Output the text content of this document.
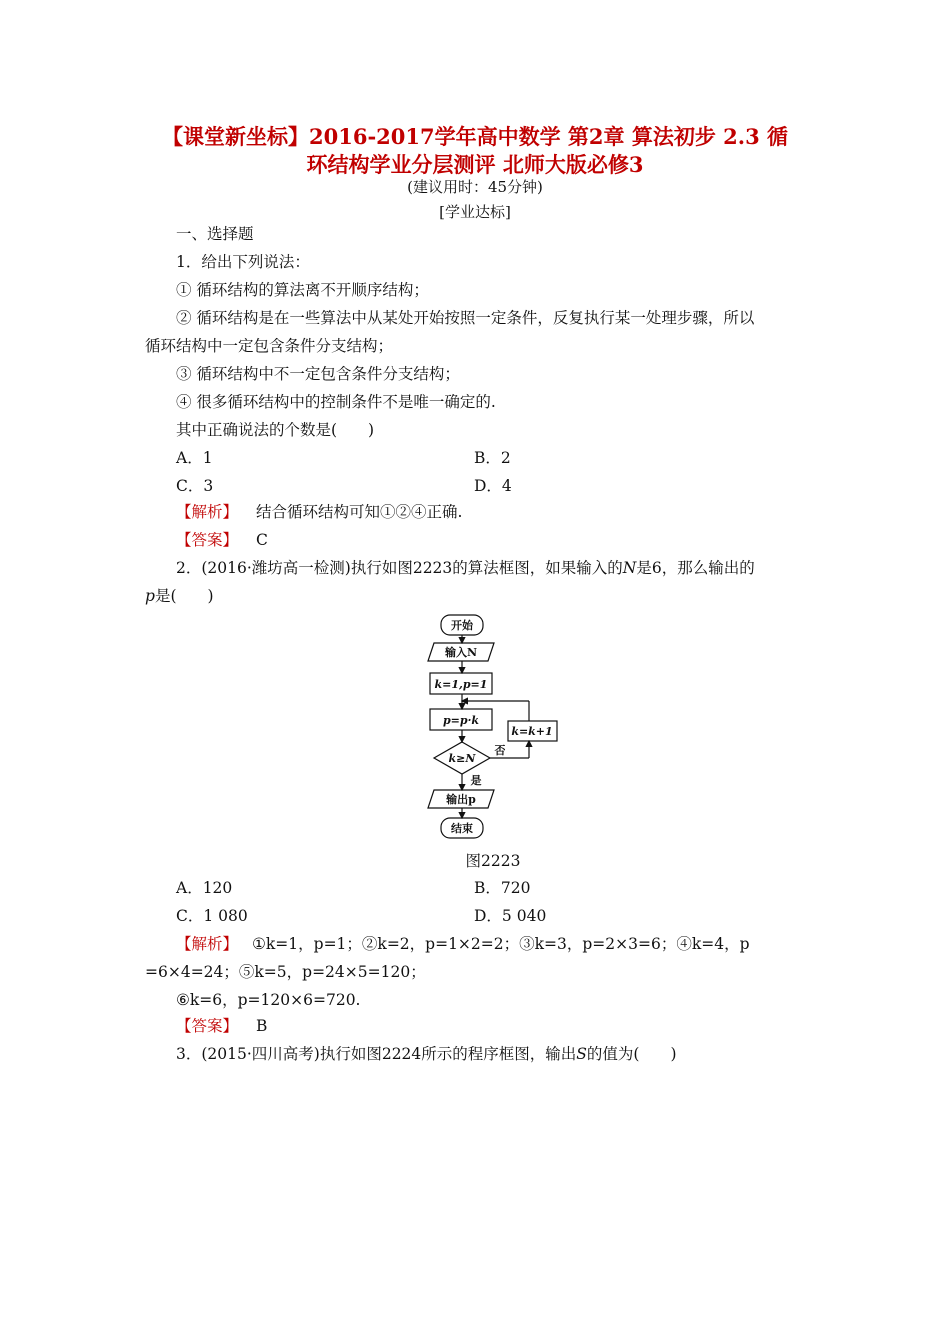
【课堂新坐标】2016-2017学年高中数学 第2章 算法初步 2.3 循
环结构学业分层测评 北师大版必修3
(建议用时：45分钟)
[学业达标]
一、选择题
1．给出下列说法：
① 循环结构的算法离不开顺序结构；
② 循环结构是在一些算法中从某处开始按照一定条件，反复执行某一处理步骤，所以
循环结构中一定包含条件分支结构；
③ 循环结构中不一定包含条件分支结构；
④ 很多循环结构中的控制条件不是唯一确定的.
其中正确说法的个数是(　　)
A．1	B．2
C．3	D．4
【解析】 结合循环结构可知①②④正确.
【答案】 C
2．(2016·潍坊高一检测)执行如图2223的算法框图，如果输入的N是6，那么输出的
p是(　　)
开始
输入N
k=1,p=1
p=p·k
k=k+1
k≥N
否
是
输出p
结束
图2223
A．120	B．720
C．1 080	D．5 040
【解析】 ①k=1，p=1；②k=2，p=1×2=2；③k=3，p=2×3=6；④k=4，p
=6×4=24；⑤k=5，p=24×5=120；
⑥k=6，p=120×6=720.
【答案】 B
3．(2015·四川高考)执行如图2224所示的程序框图，输出S的值为(　　)
